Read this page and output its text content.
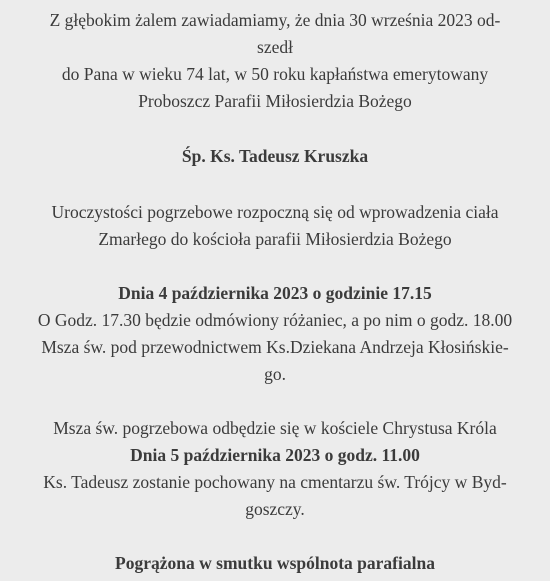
Z głębokim żalem zawiadamiamy, że dnia 30 września 2023 od-
szedł
do Pana w wieku 74 lat, w 50 roku kapłaństwa emerytowany
Proboszcz Parafii Miłosierdzia Bożego
Śp. Ks. Tadeusz Kruszka
Uroczystości pogrzebowe rozpoczną się od wprowadzenia ciała
Zmarłego do kościoła parafii Miłosierdzia Bożego
Dnia 4 października 2023 o godzinie 17.15
O Godz. 17.30 będzie odmówiony różaniec, a po nim o godz. 18.00
Msza św. pod przewodnictwem Ks.Dziekana Andrzeja Kłosińskie-
go.
Msza św. pogrzebowa odbędzie się w kościele Chrystusa Króla
Dnia 5 października 2023 o godz. 11.00
Ks. Tadeusz zostanie pochowany na cmentarzu św. Trójcy w Byd-
goszczy.
Pogrążona w smutku wspólnota parafialna
